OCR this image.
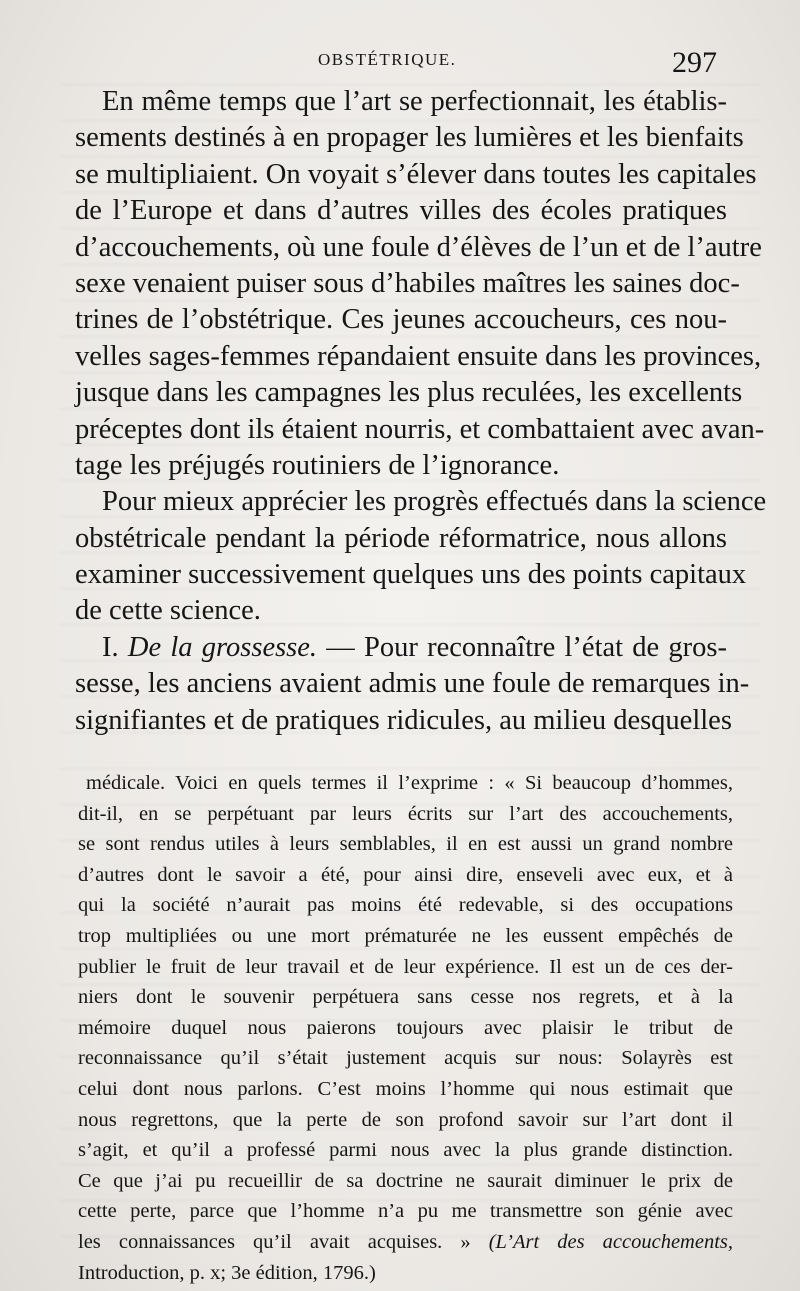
OBSTÉTRIQUE.	297
En même temps que l’art se perfectionnait, les établis-
sements destinés à en propager les lumières et les bienfaits
se multipliaient. On voyait s’élever dans toutes les capitales
de l’Europe et dans d’autres villes des écoles pratiques
d’accouchements, où une foule d’élèves de l’un et de l’autre
sexe venaient puiser sous d’habiles maîtres les saines doc-
trines de l’obstétrique. Ces jeunes accoucheurs, ces nou-
velles sages-femmes répandaient ensuite dans les provinces,
jusque dans les campagnes les plus reculées, les excellents
préceptes dont ils étaient nourris, et combattaient avec avan-
tage les préjugés routiniers de l’ignorance.
Pour mieux apprécier les progrès effectués dans la science
obstétricale pendant la période réformatrice, nous allons
examiner successivement quelques uns des points capitaux
de cette science.
I. De la grossesse. — Pour reconnaître l’état de gros-
sesse, les anciens avaient admis une foule de remarques in-
signifiantes et de pratiques ridicules, au milieu desquelles
médicale. Voici en quels termes il l’exprime : « Si beaucoup d’hommes,
dit-il, en se perpétuant par leurs écrits sur l’art des accouchements,
se sont rendus utiles à leurs semblables, il en est aussi un grand nombre
d’autres dont le savoir a été, pour ainsi dire, enseveli avec eux, et à
qui la société n’aurait pas moins été redevable, si des occupations
trop multipliées ou une mort prématurée ne les eussent empêchés de
publier le fruit de leur travail et de leur expérience. Il est un de ces der-
niers dont le souvenir perpétuera sans cesse nos regrets, et à la
mémoire duquel nous paierons toujours avec plaisir le tribut de
reconnaissance qu’il s’était justement acquis sur nous: Solayrès est
celui dont nous parlons. C’est moins l’homme qui nous estimait que
nous regrettons, que la perte de son profond savoir sur l’art dont il
s’agit, et qu’il a professé parmi nous avec la plus grande distinction.
Ce que j’ai pu recueillir de sa doctrine ne saurait diminuer le prix de
cette perte, parce que l’homme n’a pu me transmettre son génie avec
les connaissances qu’il avait acquises. » (L’Art des accouchements,
Introduction, p. x; 3e édition, 1796.)
